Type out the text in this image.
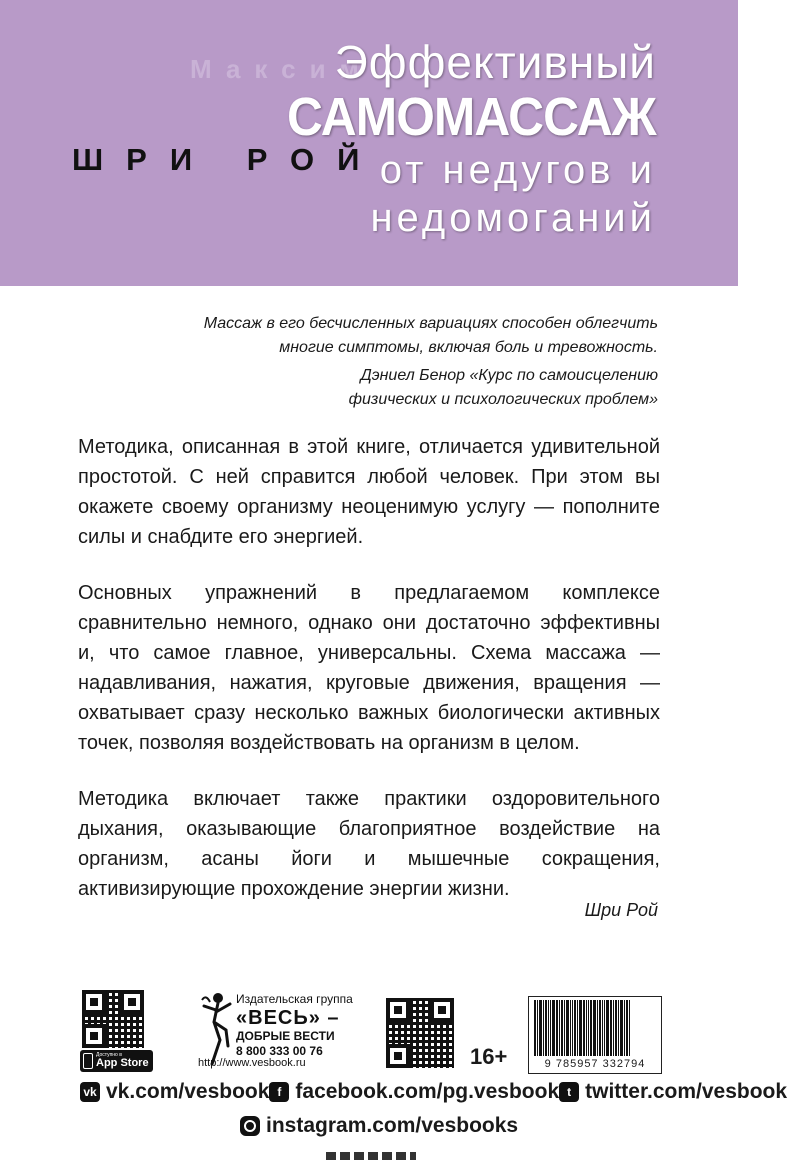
Максим
ШРИ РОЙ
Эффективный
САМОМАССАЖ
от недугов и
недомоганий
Массаж в его бесчисленных вариациях способен облегчить
многие симптомы, включая боль и тревожность.
Дэниел Бенор «Курс по самоисцелению
физических и психологических проблем»
Методика, описанная в этой книге, отличается удивительной простотой. С ней справится любой человек. При этом вы окажете своему организму неоценимую услугу — пополните силы и снабдите его энергией.
Основных упражнений в предлагаемом комплексе сравнительно немного, однако они достаточно эффективны и, что самое главное, универсальны. Схема массажа — надавливания, нажатия, круговые движения, вращения — охватывает сразу несколько важных биологически активных точек, позволяя воздействовать на организм в целом.
Методика включает также практики оздоровительного дыхания, оказывающие благоприятное воздействие на организм, асаны йоги и мышечные сокращения, активизирующие прохождение энергии жизни.
Шри Рой
Доступно в
App Store
Издательская группа
«ВЕСЬ» –
ДОБРЫЕ ВЕСТИ
8 800 333 00 76
http://www.vesbook.ru	16+	9 785957 332794
vk vk.com/vesbook f facebook.com/pg.vesbook t twitter.com/vesbook
instagram.com/vesbooks
